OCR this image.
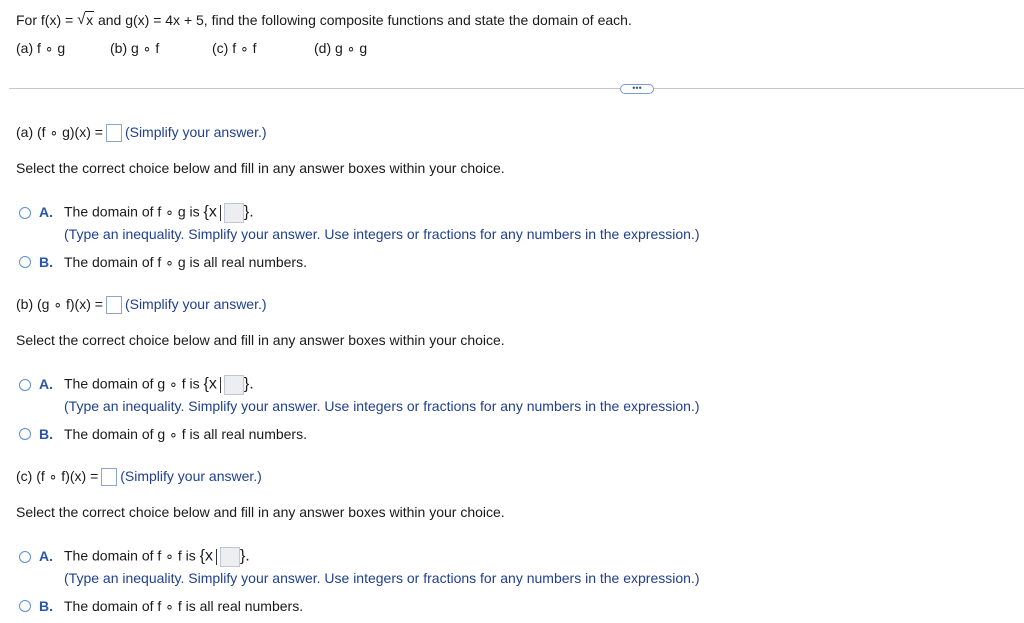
For f(x) = √ x and g(x) = 4x + 5, find the following composite functions and state the domain of each.
(a) f ∘ g	(b) g ∘ f	(c) f ∘ f	(d) g ∘ g
•••
(a) (f ∘ g)(x) = (Simplify your answer.)
Select the correct choice below and fill in any answer boxes within your choice.
A. The domain of f ∘ g is {x }.
(Type an inequality. Simplify your answer. Use integers or fractions for any numbers in the expression.)
B. The domain of f ∘ g is all real numbers.
(b) (g ∘ f)(x) = (Simplify your answer.)
Select the correct choice below and fill in any answer boxes within your choice.
A. The domain of g ∘ f is {x }.
(Type an inequality. Simplify your answer. Use integers or fractions for any numbers in the expression.)
B. The domain of g ∘ f is all real numbers.
(c) (f ∘ f)(x) = (Simplify your answer.)
Select the correct choice below and fill in any answer boxes within your choice.
A. The domain of f ∘ f is {x }.
(Type an inequality. Simplify your answer. Use integers or fractions for any numbers in the expression.)
B. The domain of f ∘ f is all real numbers.
